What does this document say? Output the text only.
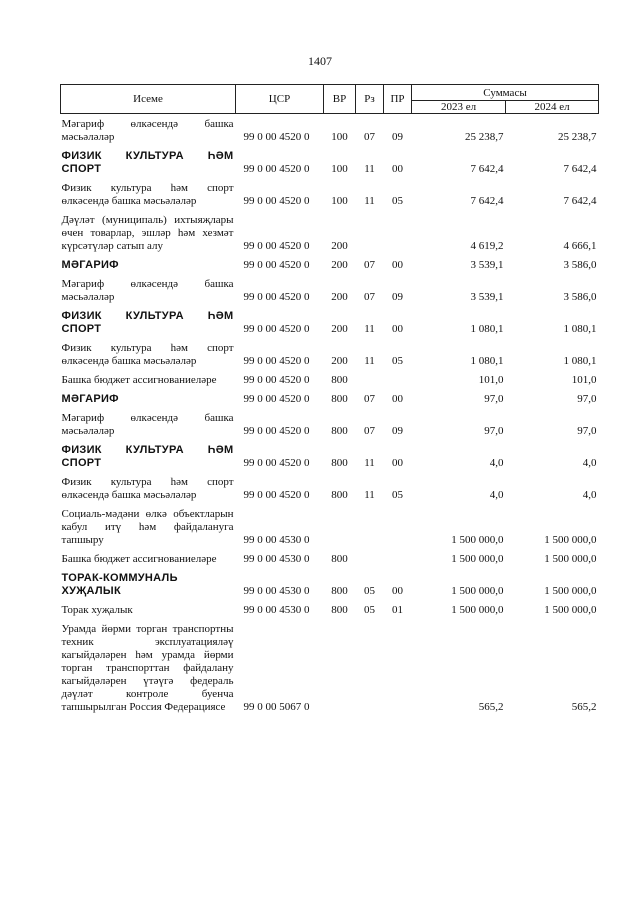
1407
Исеме	ЦСР	ВР	Рз	ПР	Суммасы	
					2023 ел	2024 ел
Мәгариф өлкәсендә башка мәсьәләләр	99 0 00 4520 0	100	07	09	25 238,7	25 238,7
ФИЗИК КУЛЬТУРА ҺӘМ СПОРТ	99 0 00 4520 0	100	11	00	7 642,4	7 642,4
Физик культура һәм спорт өлкәсендә башка мәсьәләләр	99 0 00 4520 0	100	11	05	7 642,4	7 642,4
Дәүләт (муниципаль) ихтыяҗлары өчен товарлар, эшләр һәм хезмәт күрсәтүләр сатып алу	99 0 00 4520 0	200			4 619,2	4 666,1
МӘГАРИФ	99 0 00 4520 0	200	07	00	3 539,1	3 586,0
Мәгариф өлкәсендә башка мәсьәләләр	99 0 00 4520 0	200	07	09	3 539,1	3 586,0
ФИЗИК КУЛЬТУРА ҺӘМ СПОРТ	99 0 00 4520 0	200	11	00	1 080,1	1 080,1
Физик культура һәм спорт өлкәсендә башка мәсьәләләр	99 0 00 4520 0	200	11	05	1 080,1	1 080,1
Башка бюджет ассигнованиеләре	99 0 00 4520 0	800			101,0	101,0
МӘГАРИФ	99 0 00 4520 0	800	07	00	97,0	97,0
Мәгариф өлкәсендә башка мәсьәләләр	99 0 00 4520 0	800	07	09	97,0	97,0
ФИЗИК КУЛЬТУРА ҺӘМ СПОРТ	99 0 00 4520 0	800	11	00	4,0	4,0
Физик культура һәм спорт өлкәсендә башка мәсьәләләр	99 0 00 4520 0	800	11	05	4,0	4,0
Социаль-мәдәни өлкә объектларын кабул итү һәм файдалануга тапшыру	99 0 00 4530 0				1 500 000,0	1 500 000,0
Башка бюджет ассигнованиеләре	99 0 00 4530 0	800			1 500 000,0	1 500 000,0
ТОРАК-КОММУНАЛЬ ХУҖАЛЫК	99 0 00 4530 0	800	05	00	1 500 000,0	1 500 000,0
Торак хуҗалык	99 0 00 4530 0	800	05	01	1 500 000,0	1 500 000,0
Урамда йөрми торган транспортны техник эксплуатацияләү кагыйдәләрен һәм урамда йөрми торган транспорттан файдалану кагыйдәләрен үтәүгә федераль дәүләт контроле буенча тапшырылган Россия Федерациясе	99 0 00 5067 0				565,2	565,2
